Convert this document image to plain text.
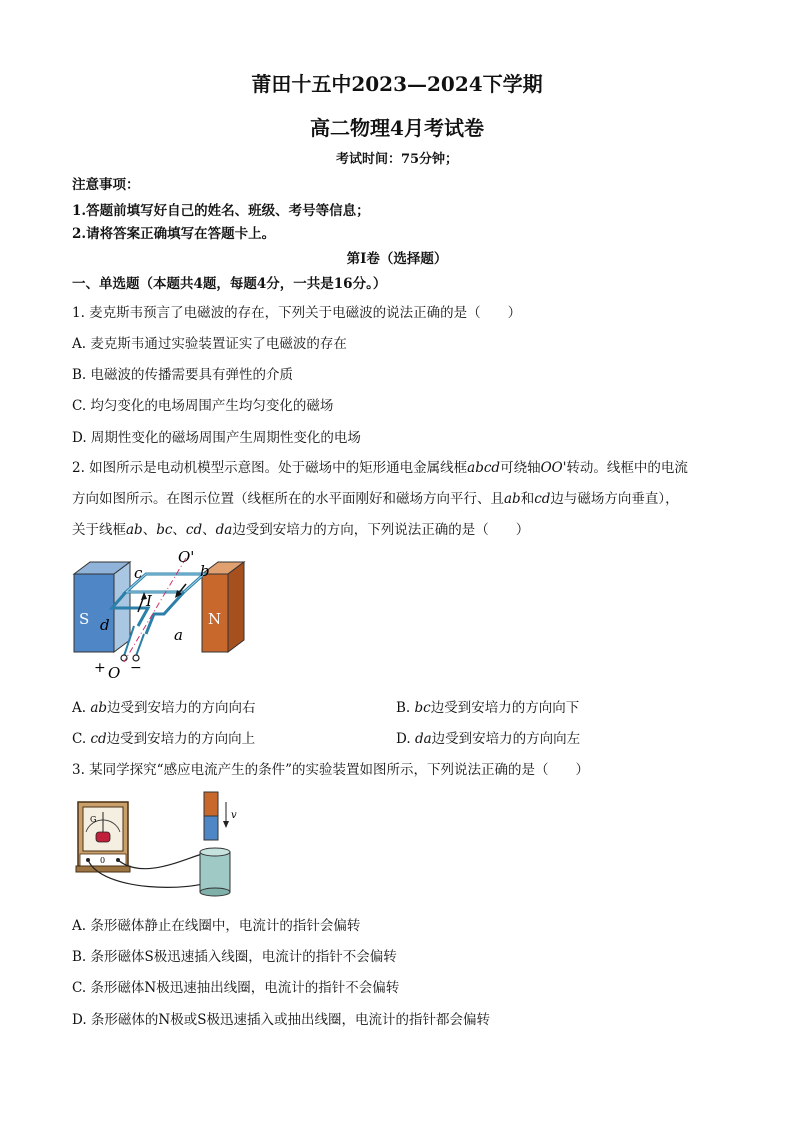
莆田十五中2023—2024下学期
高二物理4月考试卷
考试时间：75分钟；
注意事项：
1.答题前填写好自己的姓名、班级、考号等信息；
2.请将答案正确填写在答题卡上。
第I卷（选择题）
一、单选题（本题共4题，每题4分，一共是16分。）
1. 麦克斯韦预言了电磁波的存在，下列关于电磁波的说法正确的是（　　）
A. 麦克斯韦通过实验装置证实了电磁波的存在
B. 电磁波的传播需要具有弹性的介质
C. 均匀变化的电场周围产生均匀变化的磁场
D. 周期性变化的磁场周围产生周期性变化的电场
2. 如图所示是电动机模型示意图。处于磁场中的矩形通电金属线框abcd可绕轴OO'转动。线框中的电流
方向如图所示。在图示位置（线框所在的水平面刚好和磁场方向平行、且ab和cd边与磁场方向垂直），
关于线框ab、bc、cd、da边受到安培力的方向，下列说法正确的是（　　）
S	N
O'
c	b
I
d
a
+ O −
A. ab边受到安培力的方向向右	B. bc边受到安培力的方向向下
C. cd边受到安培力的方向向上	D. da边受到安培力的方向向左
3. 某同学探究“感应电流产生的条件”的实验装置如图所示，下列说法正确的是（　　）
G
0
v
A. 条形磁体静止在线圈中，电流计的指针会偏转
B. 条形磁体S极迅速插入线圈，电流计的指针不会偏转
C. 条形磁体N极迅速抽出线圈，电流计的指针不会偏转
D. 条形磁体的N极或S极迅速插入或抽出线圈，电流计的指针都会偏转
